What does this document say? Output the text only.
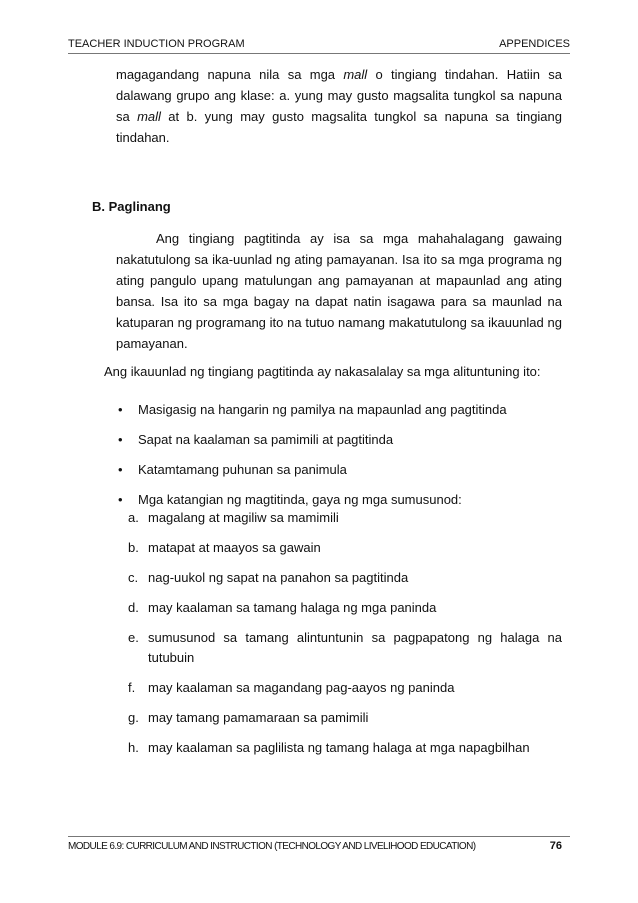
TEACHER INDUCTION PROGRAM	APPENDICES
magagandang napuna nila sa mga mall o tingiang tindahan. Hatiin sa dalawang grupo ang klase: a. yung may gusto magsalita tungkol sa napuna sa mall at b. yung may gusto magsalita tungkol sa napuna sa tingiang tindahan.
B. Paglinang
Ang tingiang pagtitinda ay isa sa mga mahahalagang gawaing nakatutulong sa ika-uunlad ng ating pamayanan. Isa ito sa mga programa ng ating pangulo upang matulungan ang pamayanan at mapaunlad ang ating bansa. Isa ito sa mga bagay na dapat natin isagawa para sa maunlad na katuparan ng programang ito na tutuo namang makatutulong sa ikauunlad ng pamayanan.
Ang ikauunlad ng tingiang pagtitinda ay nakasalalay sa mga alituntuning ito:
• Masigasig na hangarin ng pamilya na mapaunlad ang pagtitinda
• Sapat na kaalaman sa pamimili at pagtitinda
• Katamtamang puhunan sa panimula
• Mga katangian ng magtitinda, gaya ng mga sumusunod:
a. magalang at magiliw sa mamimili
b. matapat at maayos sa gawain
c. nag-uukol ng sapat na panahon sa pagtitinda
d. may kaalaman sa tamang halaga ng mga paninda
e. sumusunod sa tamang alintuntunin sa pagpapatong ng halaga na tutubuin
f. may kaalaman sa magandang pag-aayos ng paninda
g. may tamang pamamaraan sa pamimili
h. may kaalaman sa paglilista ng tamang halaga at mga napagbilhan
MODULE 6.9: CURRICULUM AND INSTRUCTION (TECHNOLOGY AND LIVELIHOOD EDUCATION)	76
